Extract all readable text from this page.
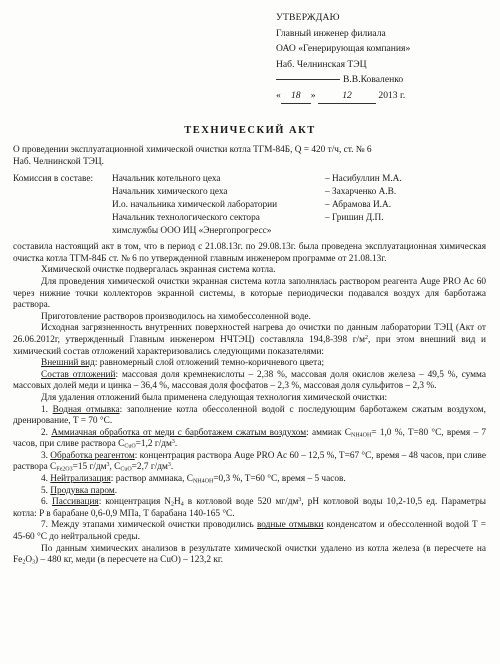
УТВЕРЖДАЮ
Главный инженер филиала
ОАО «Генерирующая компания»
Наб. Челнинская ТЭЦ
В.В.Коваленко
« 18 »	12	2013 г.
ТЕХНИЧЕСКИЙ АКТ

О проведении эксплуатационной химической очистки котла ТГМ-84Б, Q = 420 т/ч, ст. № 6

Наб. Челнинской ТЭЦ.

Комиссия в составе: Начальник котельного цеха	– Насибуллин М.А.
Начальник химического цеха	– Захарченко А.В.
И.о. начальника химической лаборатории	– Абрамова И.А.
Начальник технологического сектора	– Гришин Д.П.
химслужбы ООО ИЦ «Энергопрогресс»

составила настоящий акт в том, что в период с 21.08.13г. по 29.08.13г. была проведена эксплуатационная химическая очистка котла ТГМ-84Б ст. № 6 по утвержденной главным инженером программе от 21.08.13г.

Химической очистке подвергалась экранная система котла.

Для проведения химической очистки экранная система котла заполнялась раствором реагента Auge PRO Ac 60 через нижние точки коллекторов экранной системы, в которые периодически подавался воздух для барботажа раствора.

Приготовление растворов производилось на химобессоленной воде.

Исходная загрязненность внутренних поверхностей нагрева до очистки по данным лаборатории ТЭЦ (Акт от 26.06.2012г, утвержденный Главным инженером НЧТЭЦ) составляла 194,8-398 $г/м^2$, при этом внешний вид и химический состав отложений характеризовались следующими показателями:

Внешний вид: равномерный слой отложений темно-коричневого цвета;

Состав отложений: массовая доля кремнекислоты – 2,38 %, массовая доля окислов железа – 49,5 %, сумма массовых долей меди и цинка – 36,4 %, массовая доля фосфатов – 2,3 %, массовая доля сульфитов – 2,3 %.

Для удаления отложений была применена следующая технология химической очистки:

1. Водная отмывка: заполнение котла обессоленной водой с последующим барботажем сжатым воздухом, дренирование, T = 70 °C.

2. Аммиачная обработка от меди с барботажем сжатым воздухом: аммиак $C_{NH4OH}= 1,0$ %, T=80 °C, время – 7 часов, при сливе раствора $C_{CuO}=1,2$ $г/дм^3$.

3. Обработка реагентом: концентрация раствора Auge PRO Ac 60 – 12,5 %, T=67 °C, время – 48 часов, при сливе раствора $C_{Fe2O3}=15$ $г/дм^3$, $C_{CuO}=2,7$ $г/дм^3$.

4. Нейтрализация: раствор аммиака, $C_{NH4OH}=0,3$ %, T=60 °C, время – 5 часов.

5. Продувка паром.

6. Пассивация: концентрация $N_2H_4$ в котловой воде 520 $мг/дм^3$, pH котловой воды 10,2-10,5 ед. Параметры котла: P в барабане 0,6-0,9 МПа, T барабана 140-165 °C.

7. Между этапами химической очистки проводились водные отмывки конденсатом и обессоленной водой T = 45-60 °C до нейтральной среды.

По данным химических анализов в результате химической очистки удалено из котла железа (в пересчете на $Fe_2O_3) - 480$ кг, меди (в пересчете на CuO) – 123,2 кг.
